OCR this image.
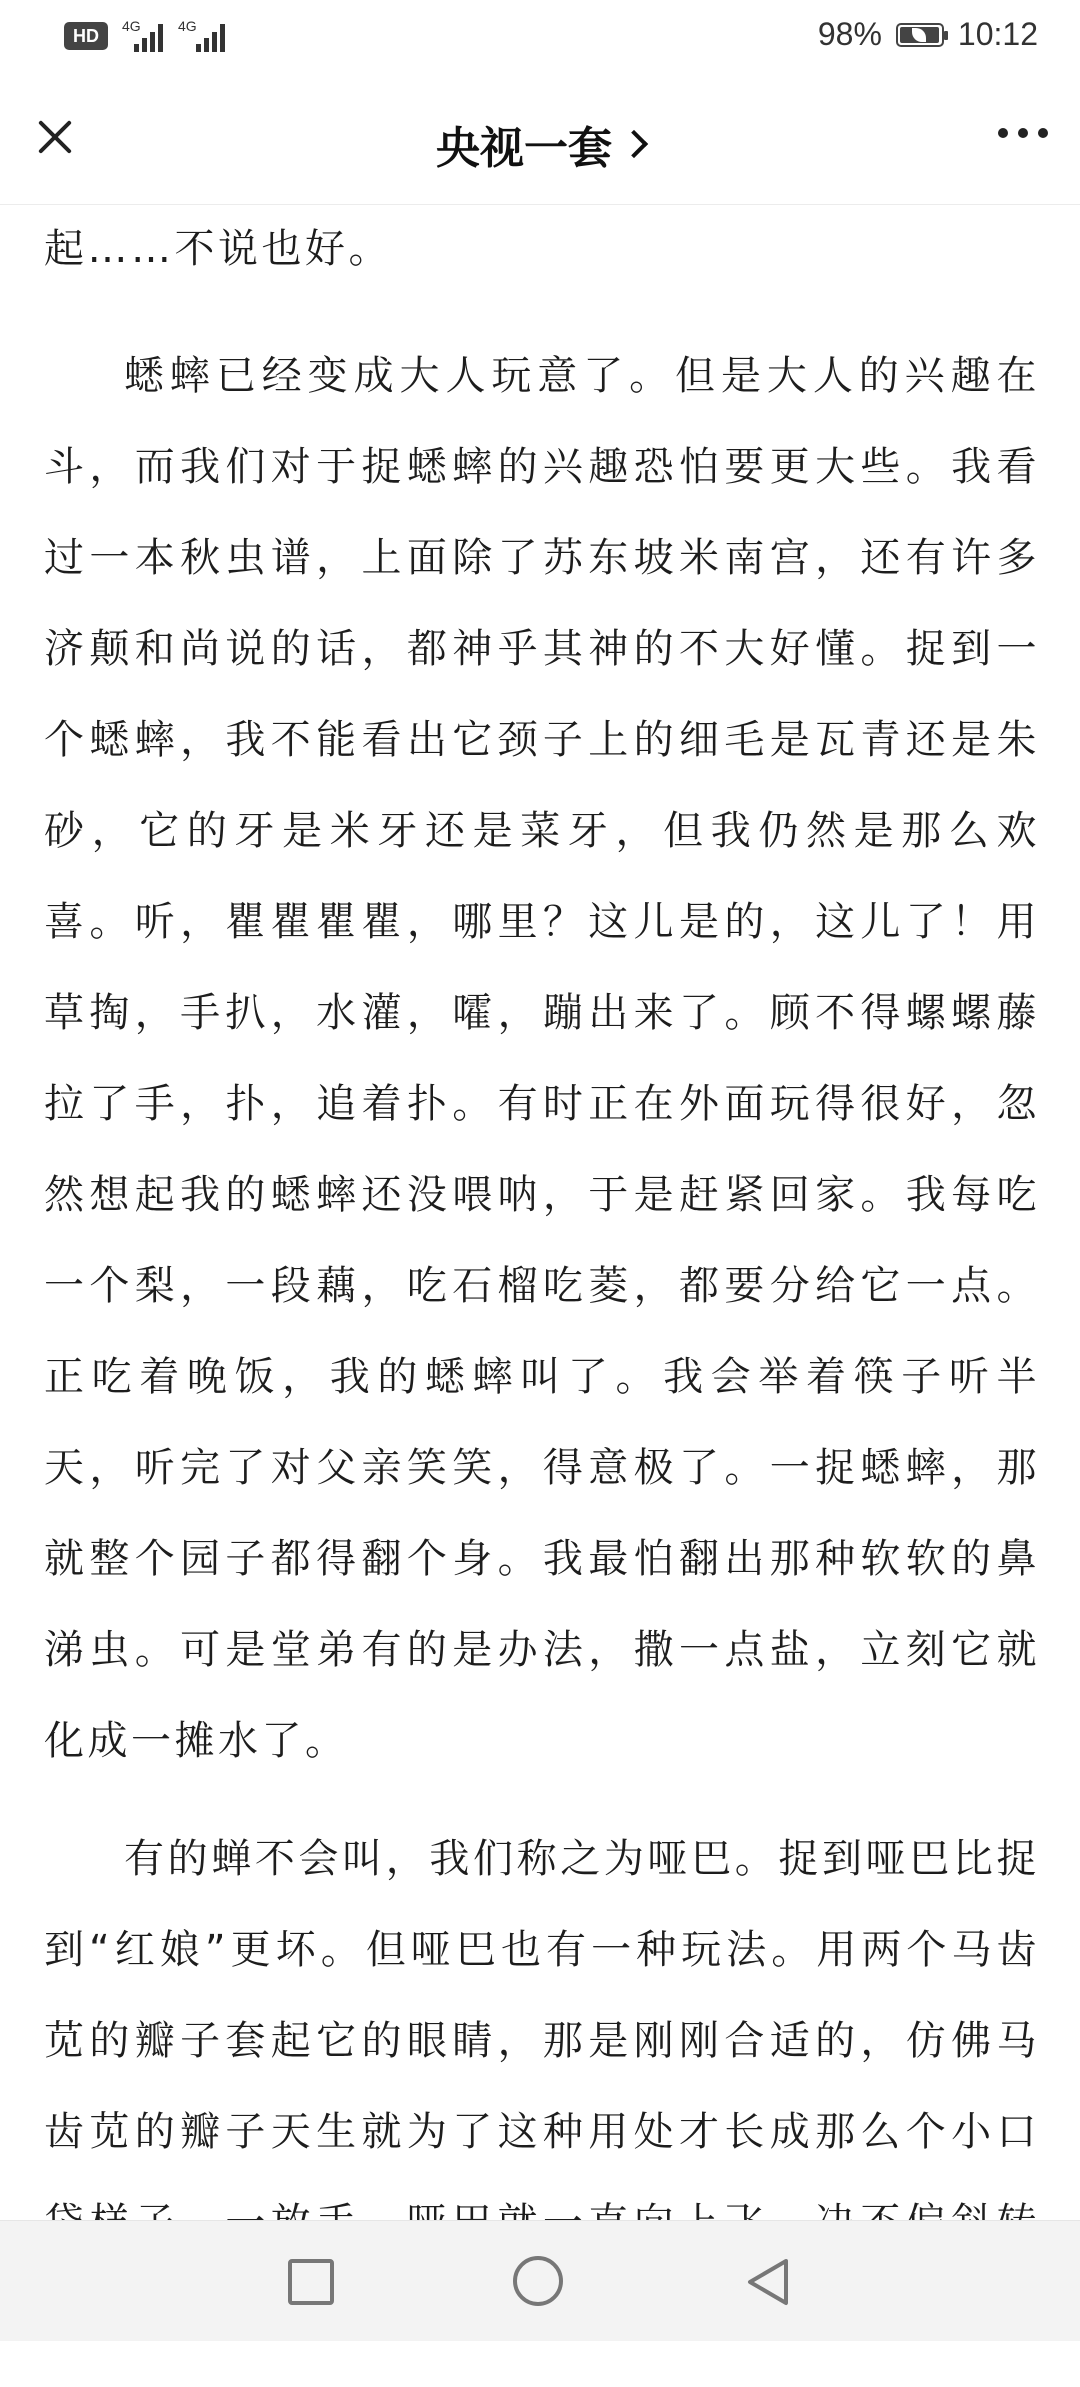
HD	4G	4G	98% 10:12
央视一套

起……不说也好。

蟋蟀已经变成大人玩意了。但是大人的兴趣在斗，而我们对于捉蟋蟀的兴趣恐怕要更大些。我看过一本秋虫谱，上面除了苏东坡米南宫，还有许多济颠和尚说的话，都神乎其神的不大好懂。捉到一个蟋蟀，我不能看出它颈子上的细毛是瓦青还是朱砂，它的牙是米牙还是菜牙，但我仍然是那么欢喜。听，瞿瞿瞿瞿，哪里？这儿是的，这儿了！用草掏，手扒，水灌，嚯，蹦出来了。顾不得螺螺藤拉了手，扑，追着扑。有时正在外面玩得很好，忽然想起我的蟋蟀还没喂呐，于是赶紧回家。我每吃一个梨，一段藕，吃石榴吃菱，都要分给它一点。正吃着晚饭，我的蟋蟀叫了。我会举着筷子听半天，听完了对父亲笑笑，得意极了。一捉蟋蟀，那就整个园子都得翻个身。我最怕翻出那种软软的鼻涕虫。可是堂弟有的是办法，撒一点盐，立刻它就化成一摊水了。

有的蝉不会叫，我们称之为哑巴。捉到哑巴比捉到“红娘”更坏。但哑巴也有一种玩法。用两个马齿苋的瓣子套起它的眼睛，那是刚刚合适的，仿佛马齿苋的瓣子天生就为了这种用处才长成那么个小口
